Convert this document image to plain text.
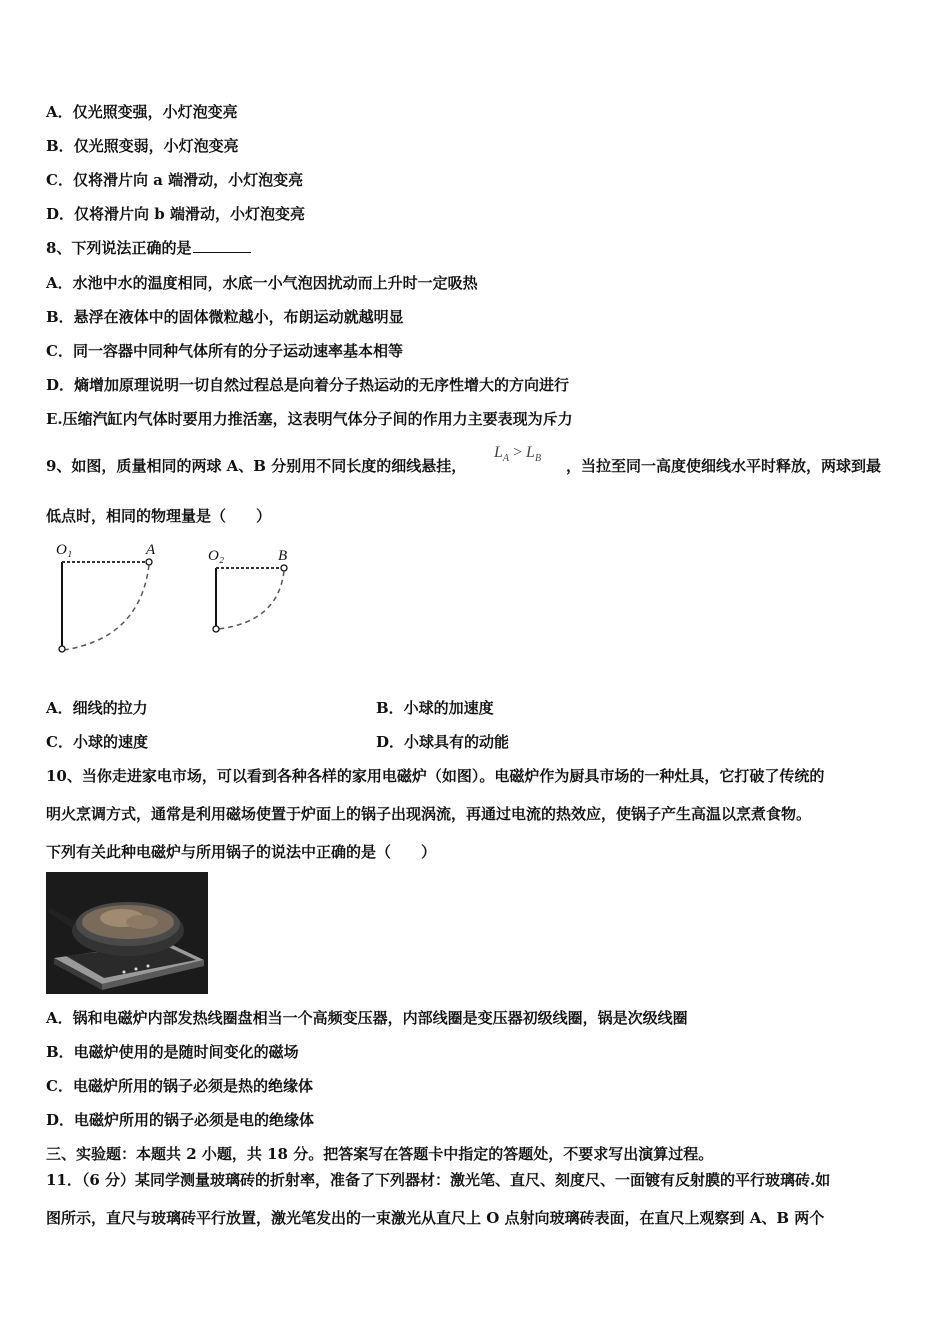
A．仅光照变强，小灯泡变亮
B．仅光照变弱，小灯泡变亮
C．仅将滑片向 a 端滑动，小灯泡变亮
D．仅将滑片向 b 端滑动，小灯泡变亮
8、下列说法正确的是
A．水池中水的温度相同，水底一小气泡因扰动而上升时一定吸热
B．悬浮在液体中的固体微粒越小，布朗运动就越明显
C．同一容器中同种气体所有的分子运动速率基本相等
D．熵增加原理说明一切自然过程总是向着分子热运动的无序性增大的方向进行
E.压缩汽缸内气体时要用力推活塞，这表明气体分子间的作用力主要表现为斥力
9、如图，质量相同的两球 A、B 分别用不同长度的细线悬挂，
$L_A > L_B$ ，当拉至同一高度使细线水平时释放，两球到最
低点时，相同的物理量是（　　）
O₁	A	O₂	B
A．细线的拉力	B．小球的加速度
C．小球的速度	D．小球具有的动能
10、当你走进家电市场，可以看到各种各样的家用电磁炉（如图）。电磁炉作为厨具市场的一种灶具，它打破了传统的
明火烹调方式，通常是利用磁场使置于炉面上的锅子出现涡流，再通过电流的热效应，使锅子产生高温以烹煮食物。
下列有关此种电磁炉与所用锅子的说法中正确的是（　　）
A．锅和电磁炉内部发热线圈盘相当一个高频变压器，内部线圈是变压器初级线圈，锅是次级线圈
B．电磁炉使用的是随时间变化的磁场
C．电磁炉所用的锅子必须是热的绝缘体
D．电磁炉所用的锅子必须是电的绝缘体
三、实验题：本题共 2 小题，共 18 分。把答案写在答题卡中指定的答题处，不要求写出演算过程。
11．（6 分）某同学测量玻璃砖的折射率，准备了下列器材：激光笔、直尺、刻度尺、一面镀有反射膜的平行玻璃砖.如
图所示，直尺与玻璃砖平行放置，激光笔发出的一束激光从直尺上 O 点射向玻璃砖表面，在直尺上观察到 A、B 两个
